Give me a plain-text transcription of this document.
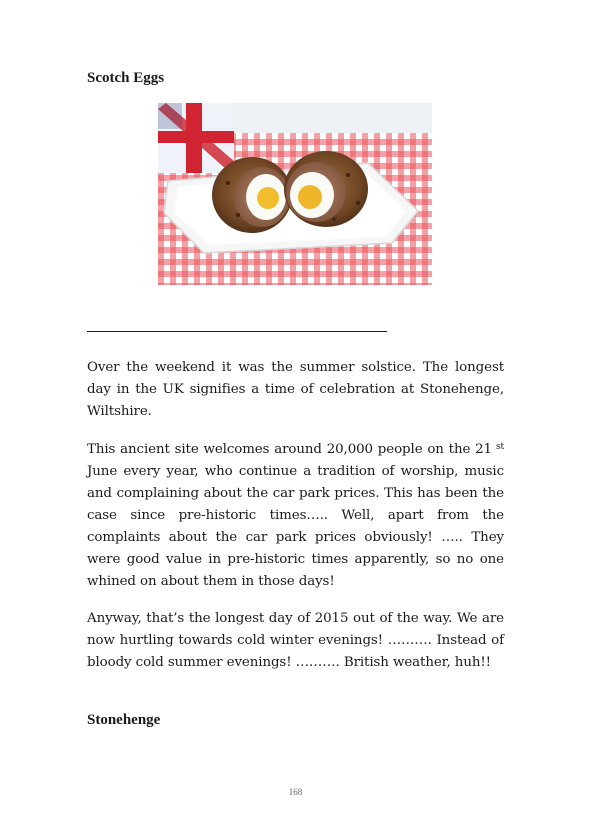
Scotch Eggs

Over the weekend it was the summer solstice. The longest day in the UK signifies a time of celebration at Stonehenge, Wiltshire.

This ancient site welcomes around 20,000 people on the 21 $^{st}$ June every year, who continue a tradition of worship, music and complaining about the car park prices. This has been the case since pre-historic times….. Well, apart from the complaints about the car park prices obviously! ….. They were good value in pre-historic times apparently, so no one whined on about them in those days!

Anyway, that’s the longest day of 2015 out of the way. We are now hurtling towards cold winter evenings! ………. Instead of bloody cold summer evenings! ………. British weather, huh!!

Stonehenge
168
